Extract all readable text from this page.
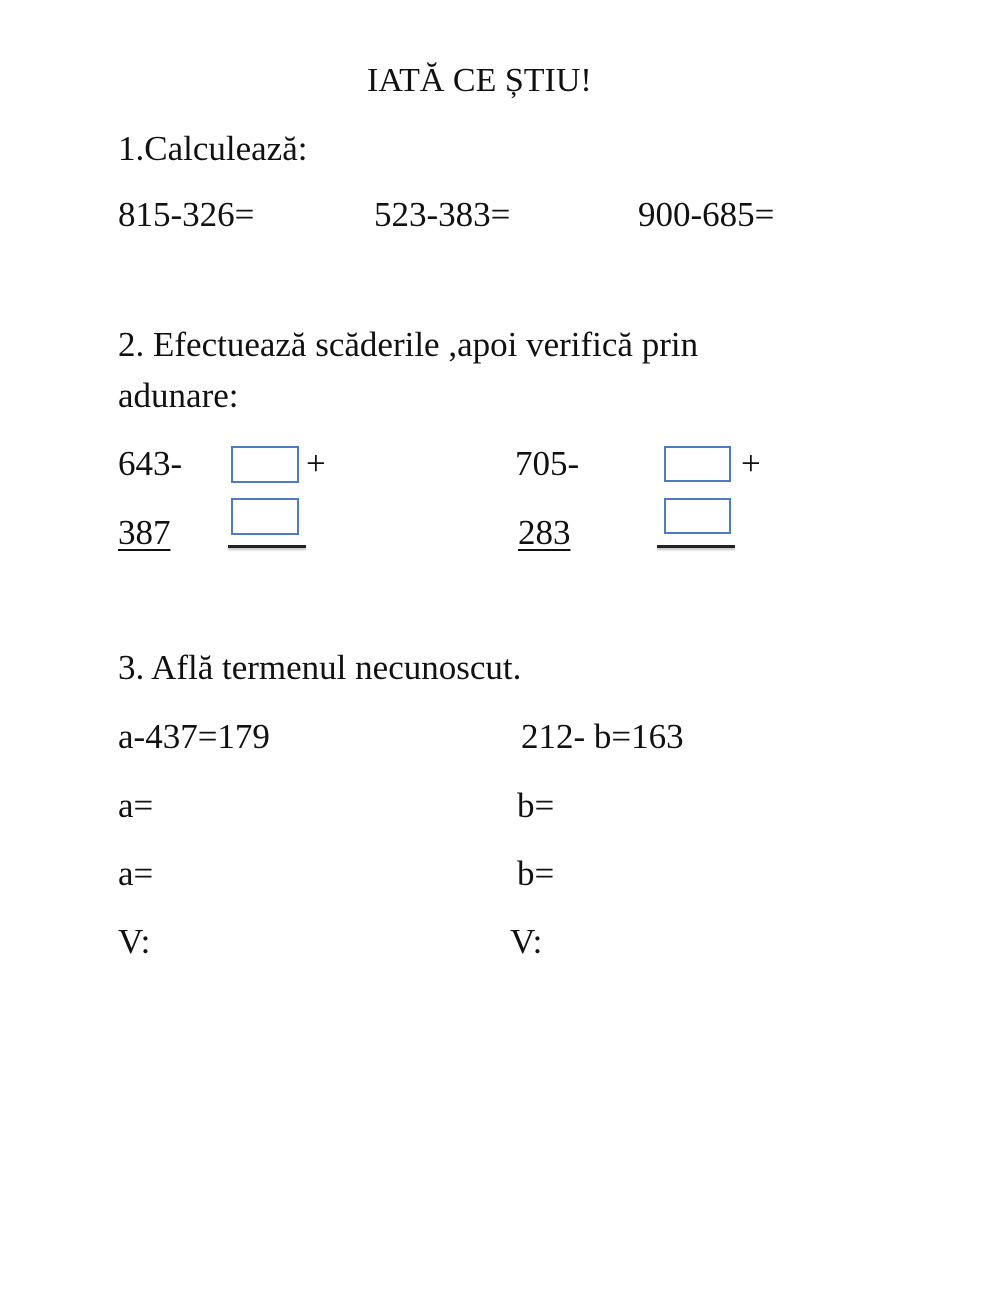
IATĂ CE ȘTIU!
1.Calculează:
815-326=	523-383=	900-685=
2. Efectuează scăderile ,apoi verifică prin
adunare:
643-	+
387
705-	+
283
3. Află termenul necunoscut.
a-437=179	212- b=163
a=	b=
a=	b=
V:	V:
